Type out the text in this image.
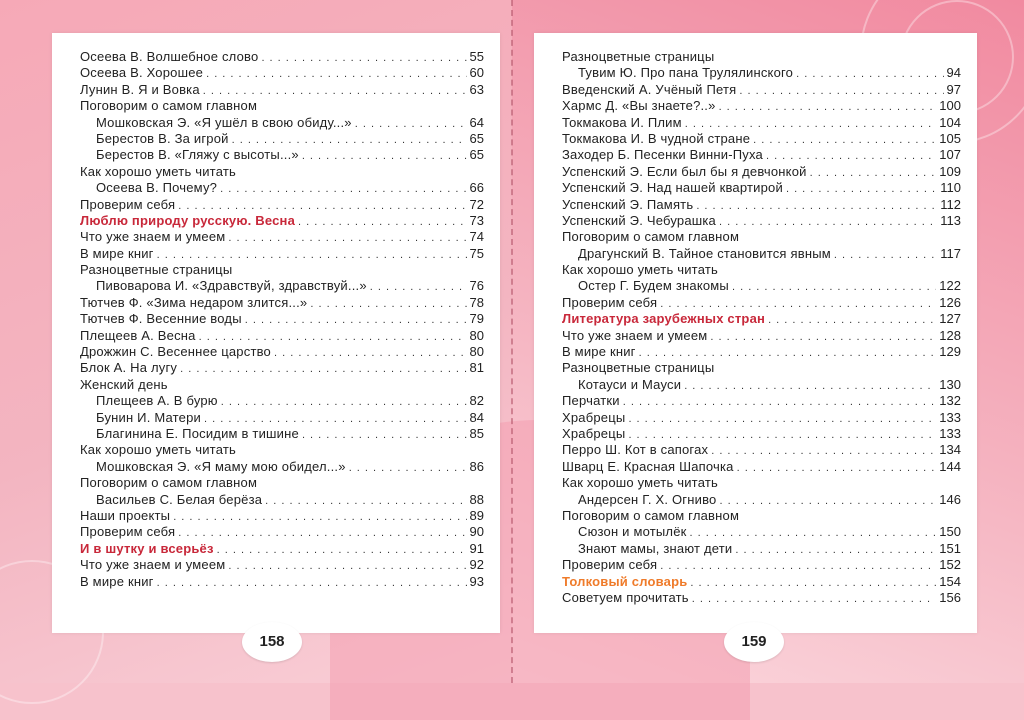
Осеева В. Волшебное слово . . .	55
Осеева В. Хорошее . . .	60
Лунин В. Я и Вовка . . .	63
Поговорим о самом главном
Мошковская Э. «Я ушёл в свою обиду...» . . .	64
Берестов В. За игрой . . .	65
Берестов В. «Гляжу с высоты...» . . .	65
Как хорошо уметь читать
Осеева В. Почему? . . .	66
Проверим себя . . .	72
Люблю природу русскую. Весна . . .	73
Что уже знаем и умеем . . .	74
В мире книг . . .	75
Разноцветные страницы
Пивоварова И. «Здравствуй, здравствуй...» . . .	76
Тютчев Ф. «Зима недаром злится...» . . .	78
Тютчев Ф. Весенние воды . . .	79
Плещеев А. Весна . . .	80
Дрожжин С. Весеннее царство . . .	80
Блок А. На лугу . . .	81
Женский день
Плещеев А. В бурю . . .	82
Бунин И. Матери . . .	84
Благинина Е. Посидим в тишине . . .	85
Как хорошо уметь читать
Мошковская Э. «Я маму мою обидел...» . . .	86
Поговорим о самом главном
Васильев С. Белая берёза . . .	88
Наши проекты . . .	89
Проверим себя . . .	90
И в шутку и всерьёз . . .	91
Что уже знаем и умеем . . .	92
В мире книг . . .	93
158
Разноцветные страницы
Тувим Ю. Про пана Трулялинского . . .	94
Введенский А. Учёный Петя . . .	97
Хармс Д. «Вы знаете?..» . . .	100
Токмакова И. Плим . . .	104
Токмакова И. В чудной стране . . .	105
Заходер Б. Песенки Винни-Пуха . . .	107
Успенский Э. Если был бы я девчонкой . . .	109
Успенский Э. Над нашей квартирой . . .	110
Успенский Э. Память . . .	112
Успенский Э. Чебурашка . . .	113
Поговорим о самом главном
Драгунский В. Тайное становится явным . . .	117
Как хорошо уметь читать
Остер Г. Будем знакомы . . .	122
Проверим себя . . .	126
Литература зарубежных стран . . .	127
Что уже знаем и умеем . . .	128
В мире книг . . .	129
Разноцветные страницы
Котауси и Мауси . . .	130
Перчатки . . .	132
Храбрецы . . .	133
Храбрецы . . .	133
Перро Ш. Кот в сапогах . . .	134
Шварц Е. Красная Шапочка . . .	144
Как хорошо уметь читать
Андерсен Г. Х. Огниво . . .	146
Поговорим о самом главном
Сюзон и мотылёк . . .	150
Знают мамы, знают дети . . .	151
Проверим себя . . .	152
Толковый словарь . . .	154
Советуем прочитать . . .	156
159
